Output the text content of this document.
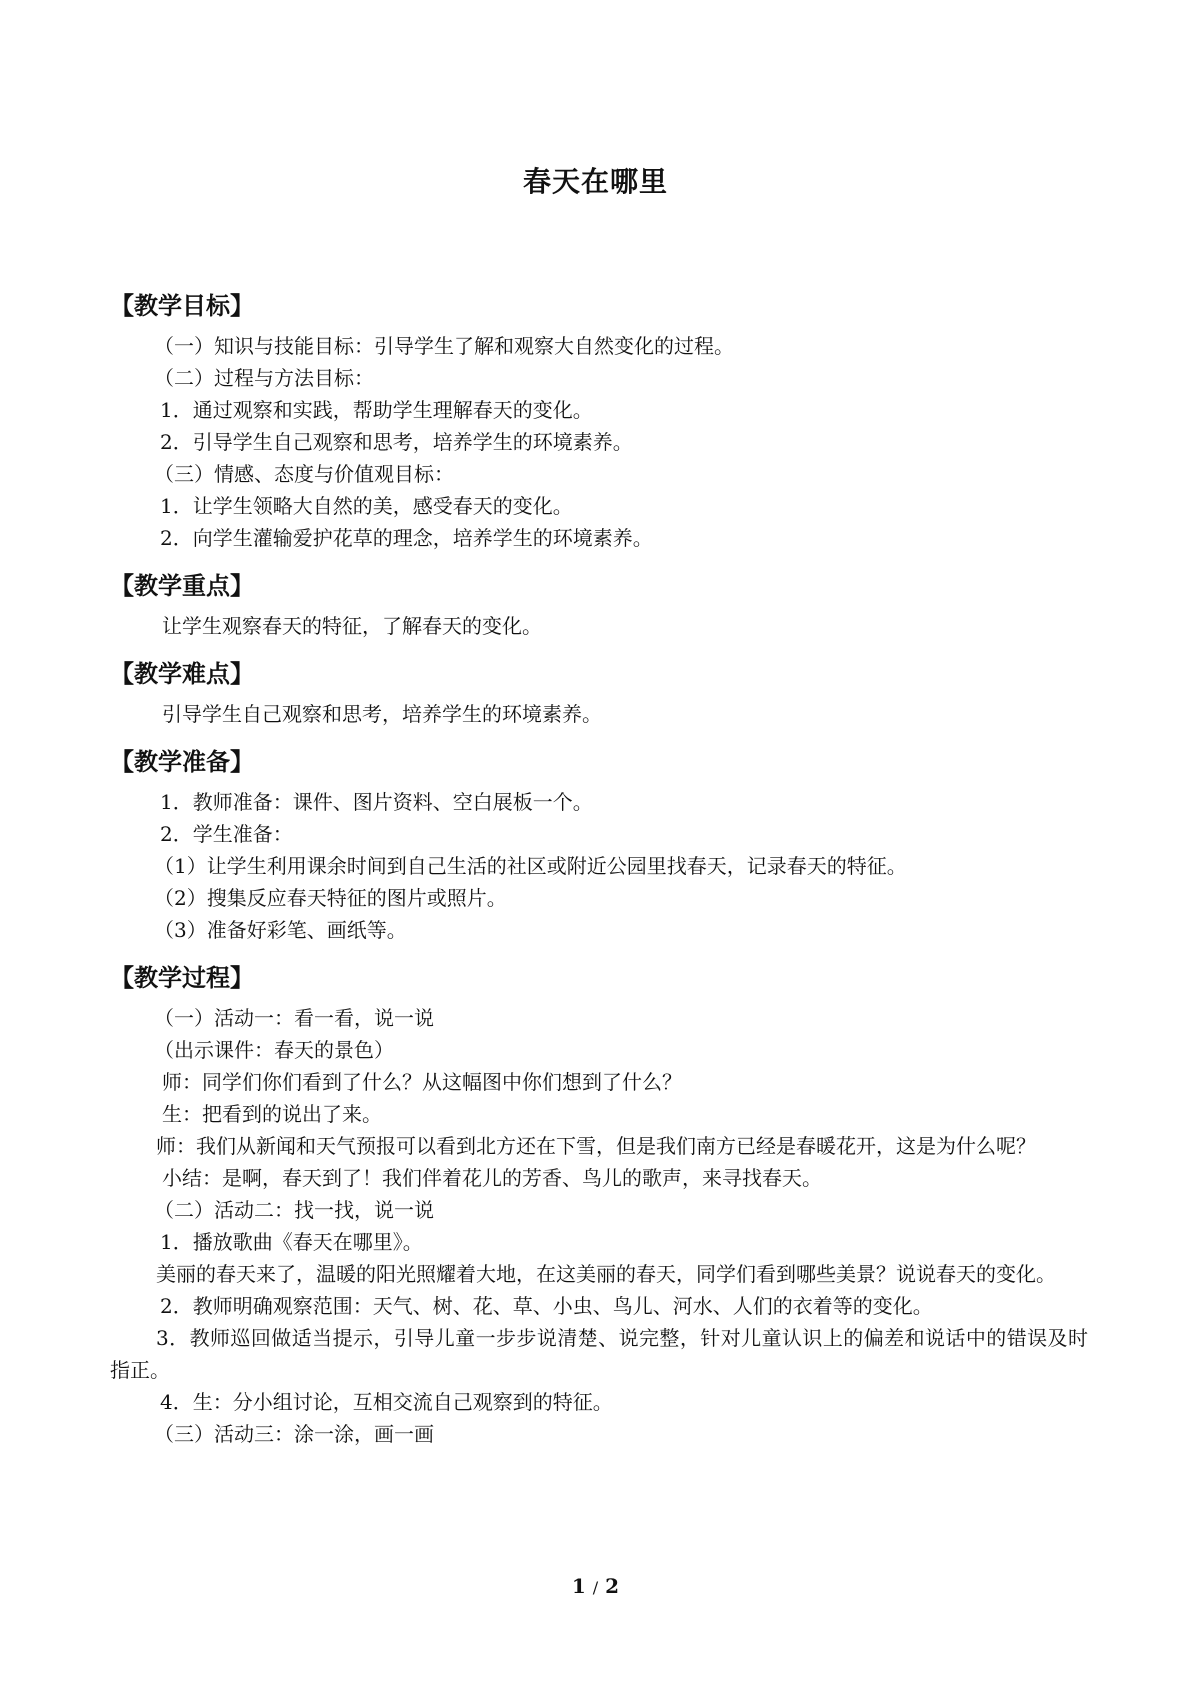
春天在哪里
【教学目标】
（一）知识与技能目标：引导学生了解和观察大自然变化的过程。
（二）过程与方法目标：
1．通过观察和实践，帮助学生理解春天的变化。
2．引导学生自己观察和思考，培养学生的环境素养。
（三）情感、态度与价值观目标：
1．让学生领略大自然的美，感受春天的变化。
2．向学生灌输爱护花草的理念，培养学生的环境素养。
【教学重点】
让学生观察春天的特征，了解春天的变化。
【教学难点】
引导学生自己观察和思考，培养学生的环境素养。
【教学准备】
1．教师准备：课件、图片资料、空白展板一个。
2．学生准备：
（1）让学生利用课余时间到自己生活的社区或附近公园里找春天，记录春天的特征。
（2）搜集反应春天特征的图片或照片。
（3）准备好彩笔、画纸等。
【教学过程】
（一）活动一：看一看，说一说
（出示课件：春天的景色）
师：同学们你们看到了什么？从这幅图中你们想到了什么？
生：把看到的说出了来。
师：我们从新闻和天气预报可以看到北方还在下雪，但是我们南方已经是春暖花开，这是为什么呢？
小结：是啊，春天到了！我们伴着花儿的芳香、鸟儿的歌声，来寻找春天。
（二）活动二：找一找，说一说
1．播放歌曲《春天在哪里》。
美丽的春天来了，温暖的阳光照耀着大地，在这美丽的春天，同学们看到哪些美景？说说春天的变化。
2．教师明确观察范围：天气、树、花、草、小虫、鸟儿、河水、人们的衣着等的变化。
3．教师巡回做适当提示，引导儿童一步步说清楚、说完整，针对儿童认识上的偏差和说话中的错误及时指正。
4．生：分小组讨论，互相交流自己观察到的特征。
（三）活动三：涂一涂，画一画
1 / 2
